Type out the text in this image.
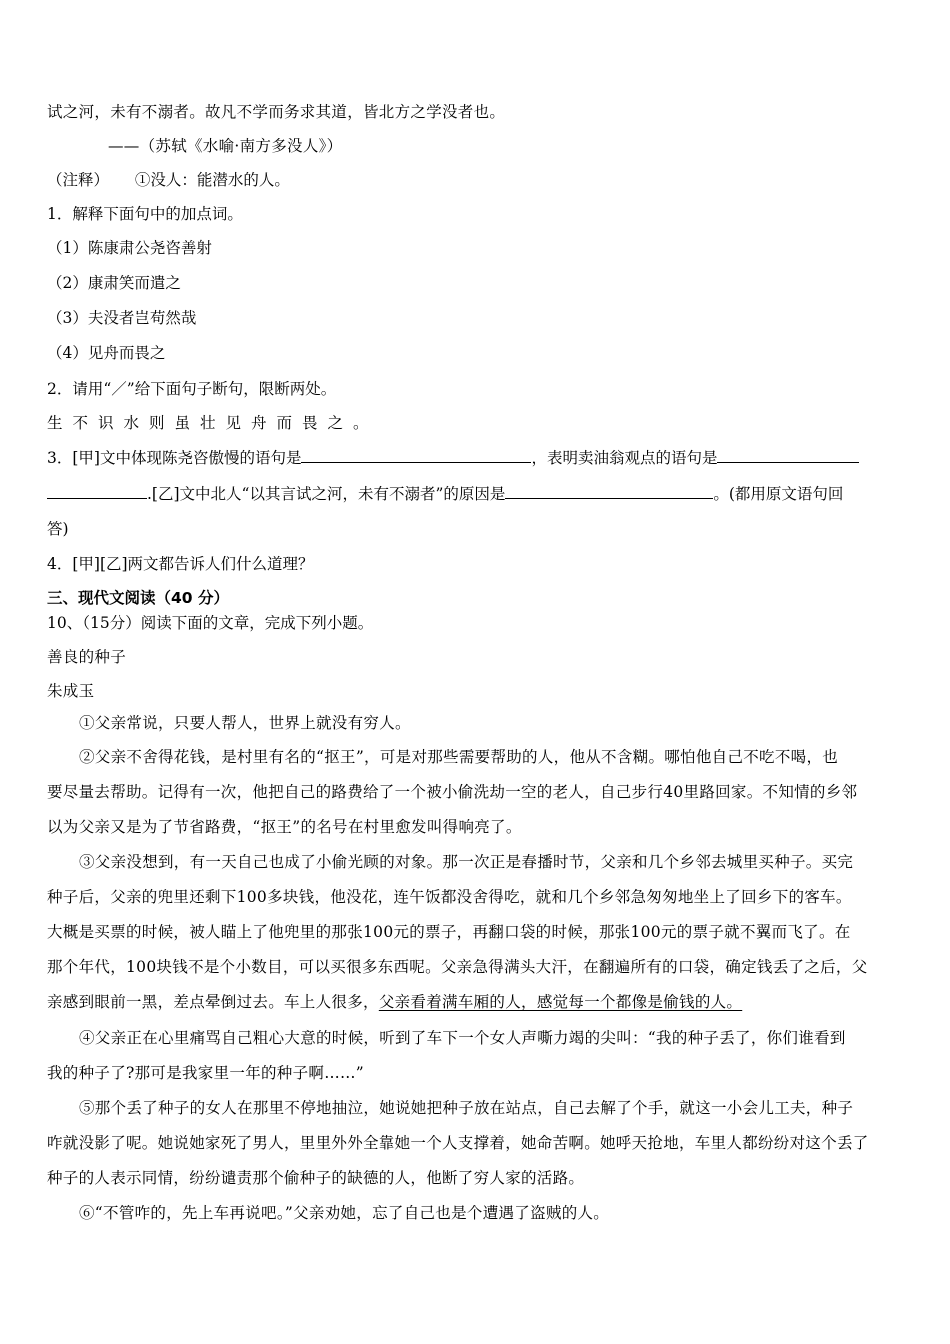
试之河，未有不溺者。故凡不学而务求其道，皆北方之学没者也。
——（苏轼《水喻·南方多没人》）
（注释） ①没人：能潜水的人。
1．解释下面句中的加点词。
（1）陈康肃公尧咨善射
（2）康肃笑而遣之
（3）夫没者岂苟然哉
（4）见舟而畏之
2．请用“／”给下面句子断句，限断两处。
生不识水则虽壮见舟而畏之。
3．[甲]文中体现陈尧咨傲慢的语句是	，表明卖油翁观点的语句是
.[乙]文中北人“以其言试之河，未有不溺者”的原因是	。(都用原文语句回
答)
4．[甲][乙]两文都告诉人们什么道理？
三、现代文阅读（40 分）
10、（15分）阅读下面的文章，完成下列小题。
善良的种子
朱成玉
①父亲常说，只要人帮人，世界上就没有穷人。
②父亲不舍得花钱，是村里有名的“抠王”，可是对那些需要帮助的人，他从不含糊。哪怕他自己不吃不喝，也
要尽量去帮助。记得有一次，他把自己的路费给了一个被小偷洗劫一空的老人，自己步行40里路回家。不知情的乡邻
以为父亲又是为了节省路费，“抠王”的名号在村里愈发叫得响亮了。
③父亲没想到，有一天自己也成了小偷光顾的对象。那一次正是春播时节，父亲和几个乡邻去城里买种子。买完
种子后，父亲的兜里还剩下100多块钱，他没花，连午饭都没舍得吃，就和几个乡邻急匆匆地坐上了回乡下的客车。
大概是买票的时候，被人瞄上了他兜里的那张100元的票子，再翻口袋的时候，那张100元的票子就不翼而飞了。在
那个年代，100块钱不是个小数目，可以买很多东西呢。父亲急得满头大汗，在翻遍所有的口袋，确定钱丢了之后，父
亲感到眼前一黑，差点晕倒过去。车上人很多，父亲看着满车厢的人，感觉每一个都像是偷钱的人。
④父亲正在心里痛骂自己粗心大意的时候，听到了车下一个女人声嘶力竭的尖叫：“我的种子丢了，你们谁看到
我的种子了?那可是我家里一年的种子啊……”
⑤那个丢了种子的女人在那里不停地抽泣，她说她把种子放在站点，自己去解了个手，就这一小会儿工夫，种子
咋就没影了呢。她说她家死了男人，里里外外全靠她一个人支撑着，她命苦啊。她呼天抢地，车里人都纷纷对这个丢了
种子的人表示同情，纷纷谴责那个偷种子的缺德的人，他断了穷人家的活路。
⑥“不管咋的，先上车再说吧。”父亲劝她，忘了自己也是个遭遇了盗贼的人。
